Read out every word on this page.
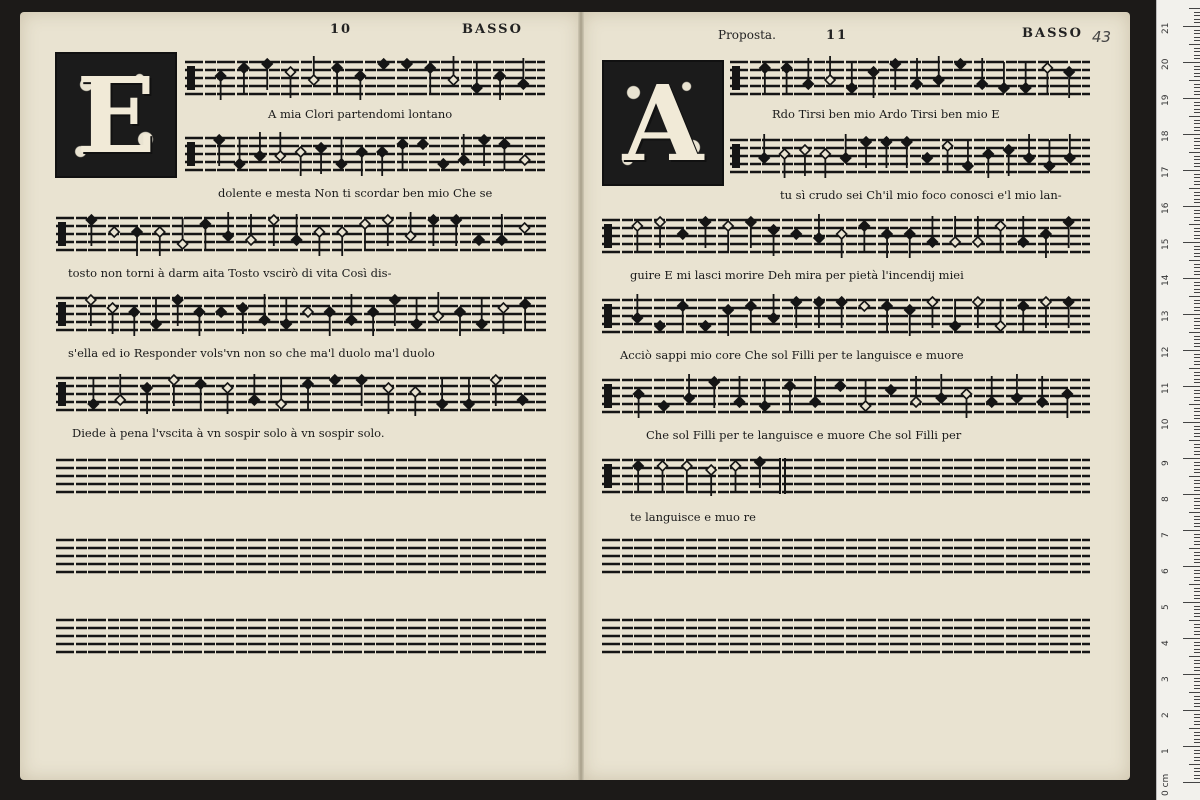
10	BASSO	Proposta.	11	BASSO 43
E	A
A mia Clori partendomi lontano
dolente e mesta Non ti scordar ben mio Che se
tosto non torni à darm aita Tosto vscirò di vita Così dis-
s'ella ed io Responder vols'vn non so che ma'l duolo ma'l duolo
Diede à pena l'vscita à vn sospir solo à vn sospir solo.
Rdo Tirsi ben mio Ardo Tirsi ben mio E
tu sì crudo sei Ch'il mio foco conosci e'l mio lan-
guire E mi lasci morire Deh mira per pietà l'incendij miei
Acciò sappi mio core Che sol Filli per te languisce e muore
Che sol Filli per te languisce e muore Che sol Filli per
te languisce e muo re
1
2
3
4
5
6
7
8
9
10
11
12
13
14
15
16
17
18
19
20
21
0 cm
